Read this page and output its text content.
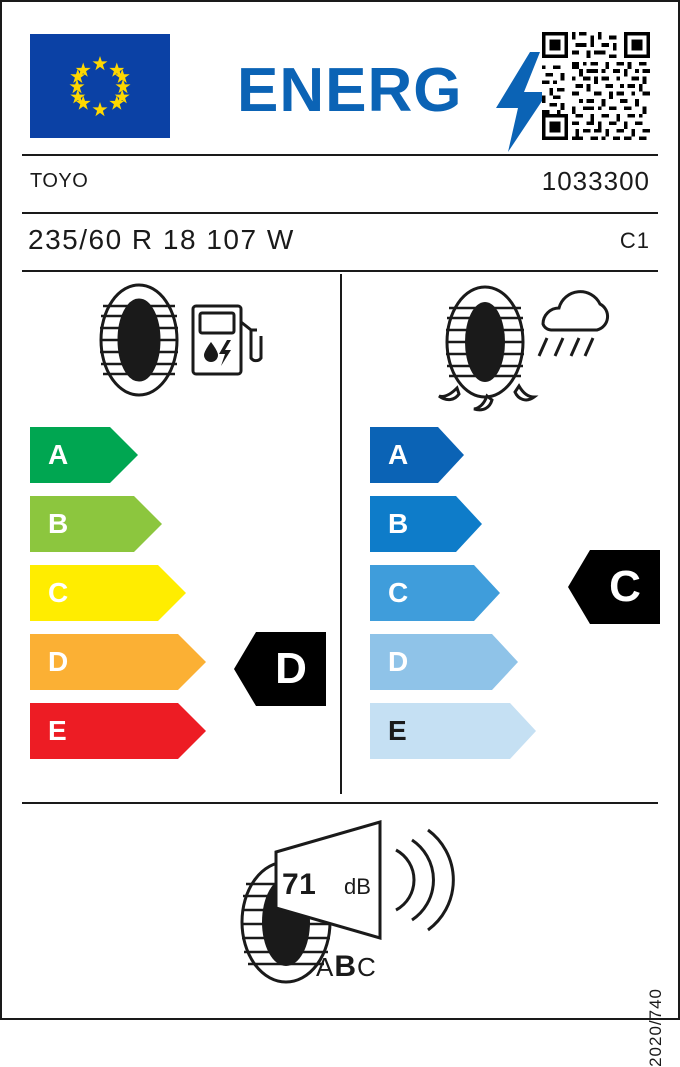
ENERG
TOYO	1033300
235/60 R 18 107 W	C1
A
B
C
D
E
A
B
C
D
E
D
C
71 dB
ABC
2020/740
